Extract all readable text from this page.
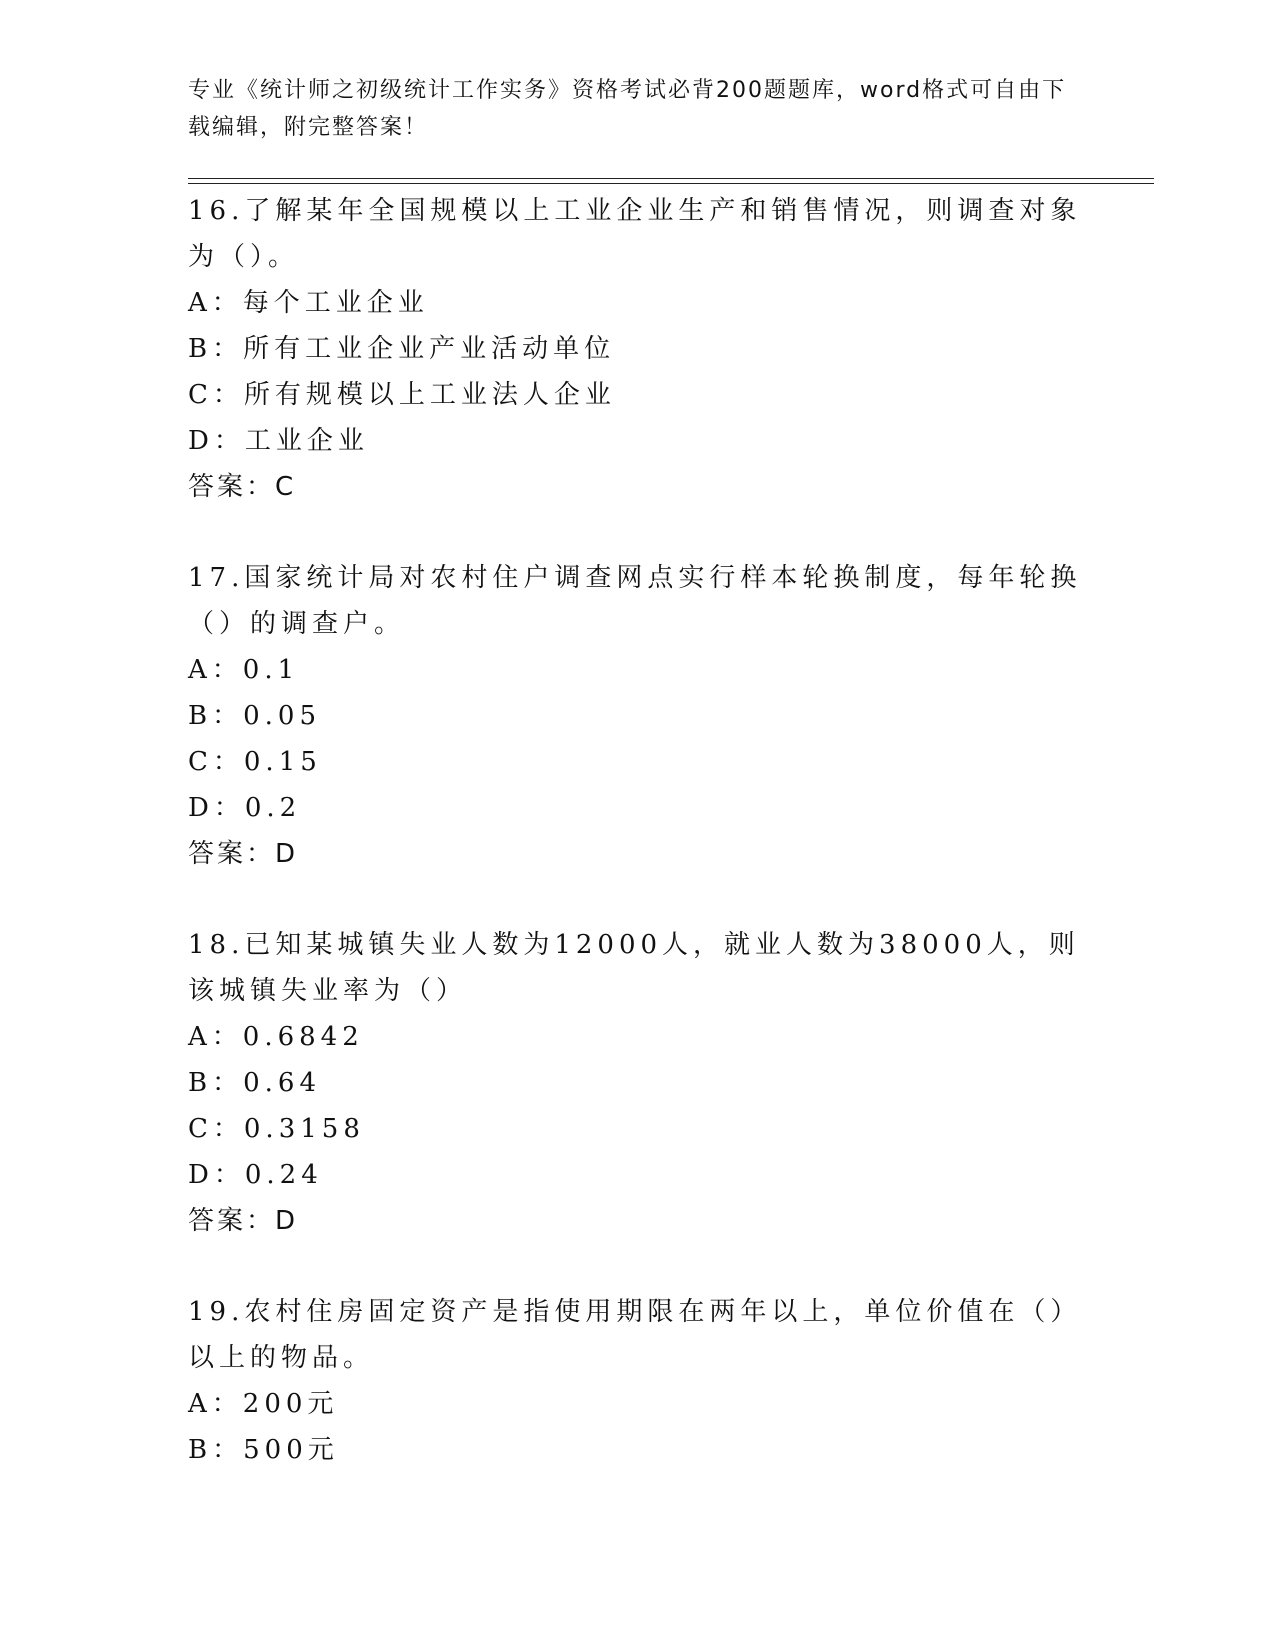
专业《统计师之初级统计工作实务》资格考试必背200题题库，word格式可自由下载编辑，附完整答案！

16.了解某年全国规模以上工业企业生产和销售情况，则调查对象为（）。

A：每个工业企业

B：所有工业企业产业活动单位

C：所有规模以上工业法人企业

D：工业企业

答案：C

17.国家统计局对农村住户调查网点实行样本轮换制度，每年轮换（）的调查户。

A：0.1

B：0.05

C：0.15

D：0.2

答案：D

18.已知某城镇失业人数为12000人，就业人数为38000人，则该城镇失业率为（）

A：0.6842

B：0.64

C：0.3158

D：0.24

答案：D

19.农村住房固定资产是指使用期限在两年以上，单位价值在（）以上的物品。

A：200元

B：500元
